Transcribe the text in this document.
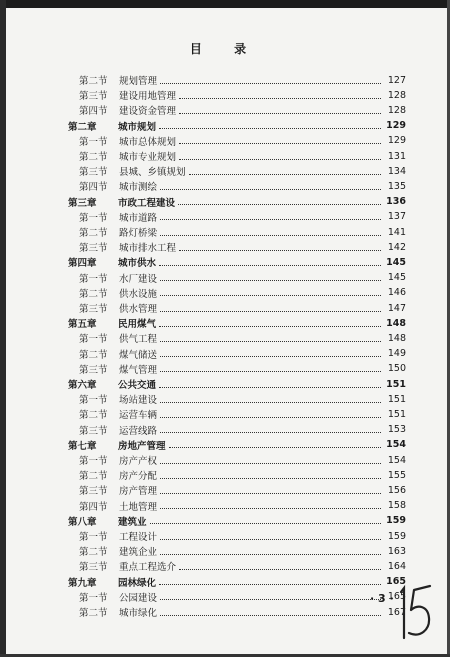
目 录
第二节	规划管理	127
第三节	建设用地管理	128
第四节	建设资金管理	128
第二章	城市规划	129
第一节	城市总体规划	129
第二节	城市专业规划	131
第三节	县城、乡镇规划	134
第四节	城市测绘	135
第三章	市政工程建设	136
第一节	城市道路	137
第二节	路灯桥梁	141
第三节	城市排水工程	142
第四章	城市供水	145
第一节	水厂建设	145
第二节	供水设施	146
第三节	供水管理	147
第五章	民用煤气	148
第一节	供气工程	148
第二节	煤气储送	149
第三节	煤气管理	150
第六章	公共交通	151
第一节	场站建设	151
第二节	运营车辆	151
第三节	运营线路	153
第七章	房地产管理	154
第一节	房产产权	154
第二节	房产分配	155
第三节	房产管理	156
第四节	土地管理	158
第八章	建筑业	159
第一节	工程设计	159
第二节	建筑企业	163
第三节	重点工程选介	164
第九章	园林绿化	165
第一节	公园建设	165
第二节	城市绿化	167
· 3 ·
